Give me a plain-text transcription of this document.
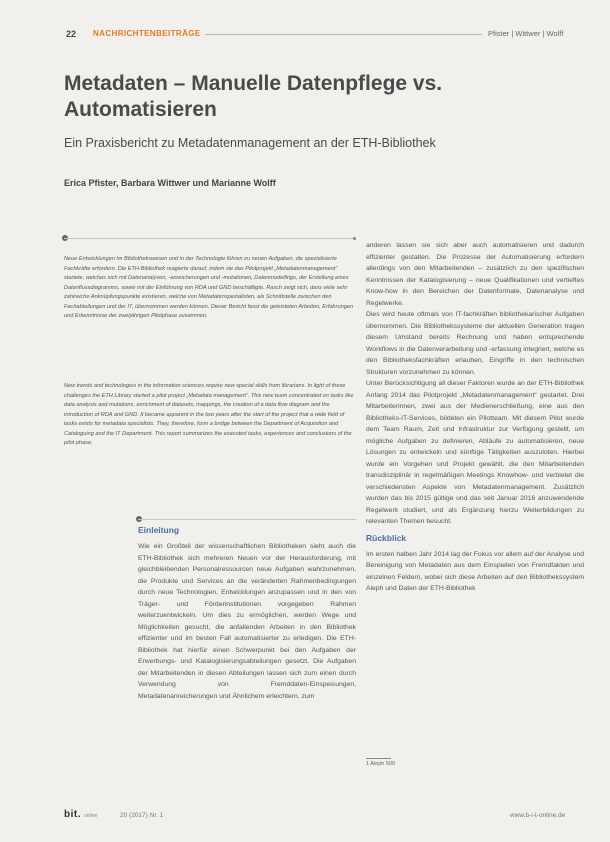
22 NACHRICHTENBEITRÄGE	Pfister | Wittwer | Wolff
Metadaten – Manuelle Datenpflege vs. Automatisieren
Ein Praxisbericht zu Metadatenmanagement an der ETH-Bibliothek
Erica Pfister, Barbara Wittwer und Marianne Wolff

Neue Entwicklungen im Bibliothekswesen und in der Technologie führen zu neuen Aufgaben, die spezialisierte Fachkräfte erfordern. Die ETH-Bibliothek reagierte darauf, indem sie das Pilotprojekt „Metadatenmanagement“ startete, welches sich mit Datenanalysen, -anreicherungen und -mutationen, Datenmodellings, der Erstellung eines Datenflussdiagramms, sowie mit der Einführung von RDA und GND beschäftigte. Rasch zeigt sich, dass viele sehr zahlreiche Anknüpfungspunkte existieren, welche von Metadatenspezialisten, als Schnittstelle zwischen den Fachabteilungen und der IT, übernommen werden können. Dieser Bericht fasst die geleisteten Arbeiten, Erfahrungen und Erkenntnisse der zweijährigen Pilotphase zusammen.

New trends and technologies in the information sciences require new special skills from librarians. In light of these challenges the ETH Library started a pilot project „Metadata management“. This new team concentrated on tasks like data analysis and mutations, enrichment of datasets, mappings, the creation of a data flow diagram and the introduction of RDA and GND. It became apparent in the two years after the start of the project that a wide field of tasks exists for metadata specialists. They, therefore, form a bridge between the Department of Acquisition and Cataloguing and the IT Department. This report summarizes the executed tasks, experiences and conclusions of the pilot phase.

Einleitung

Wie ein Großteil der wissenschaftlichen Bibliotheken sieht auch die ETH-Bibliothek sich mehreren Neuen vor der Herausforderung, mit gleichbleibenden Personalressourcen neue Aufgaben wahrzunehmen, die Produkte und Services an die veränderten Rahmenbedingungen durch neue Technologien, Entwicklungen anzupassen und in den von Träger- und Förderinstitutionen vorgegeben Rahmen weiterzuentwickeln. Um dies zu ermöglichen, werden Wege und Möglichkeiten gesucht, die anfallenden Arbeiten in den Bibliothek effizienter und im besten Fall automatisierter zu erledigen. Die ETH-Bibliothek hat hierfür einen Schwerpunkt bei den Aufgaben der Erwerbungs- und Katalogisierungsabteilungen gesetzt. Die Aufgaben der Mitarbeitenden in diesen Abteilungen lassen sich zum einen durch Verwendung von Fremddaten-Einspeisungen, Metadatenanreicherungen und Ähnlichem erleichtern, zum

anderen lassen sie sich aber auch automatisieren und dadurch effizienter gestalten. Die Prozesse der Automatisierung erfordern allerdings von den Mitarbeitenden – zusätzlich zu den spezifischen Kenntnissen der Katalogisierung – neue Qualifikationen und vertieftes Know-how in den Bereichen der Datenformate, Datenanalyse und Regelwerke.

Dies wird heute oftmals von IT-fachkräften bibliothekarischer Aufgaben übernommen. Die Bibliothekssysteme der aktuellen Generation tragen diesem Umstand bereits Rechnung und haben entsprechende Workflows in die Datenverarbeitung und -erfassung integriert, welche es den Bibliotheksfachkräften erlauben, Eingriffe in den technischen Strukturen vorzunehmen zu können.

Unter Berücksichtigung all dieser Faktoren wurde an der ETH-Bibliothek Anfang 2014 das Pilotprojekt „Metadatenmanagement“ gestartet. Drei Mitarbeiterinnen, zwei aus der Medienerschließung, eine aus den Bibliotheks-IT-Services, bildeten ein Pilotteam. Mit diesem Pilot wurde dem Team Raum, Zeit und Infrastruktur zur Verfügung gestellt, um mögliche Aufgaben zu definieren, Abläufe zu automatisieren, neue Lösungen zu entwickeln und künftige Tätigkeiten auszuloten. Hierbei wurde ein Vorgehen und Projekt gewählt, die den Mitarbeitenden transdisziplinär in regelmäßigen Meetings Knowhow- und verbietet die verschiedensten Aspekte von Metadatenmanagement. Zusätzlich wurden das bis 2015 gültige und das seit Januar 2016 anzuwendende Regelwerk studiert, und als Ergänzung hierzu Weiterbildungen zu relevanten Themen besucht.

Rückblick

Im ersten halben Jahr 2014 lag der Fokus vor allem auf der Analyse und Bereinigung von Metadaten aus dem Einspielen von Fremdfakten und einzelnen Feldern, wobei sich diese Arbeiten auf den Bibliothekssystem Aleph und Daten der ETH-Bibliothek

1 Aleph 500
bit. online	20 (2017) Nr. 1	www.b-i-t-online.de
